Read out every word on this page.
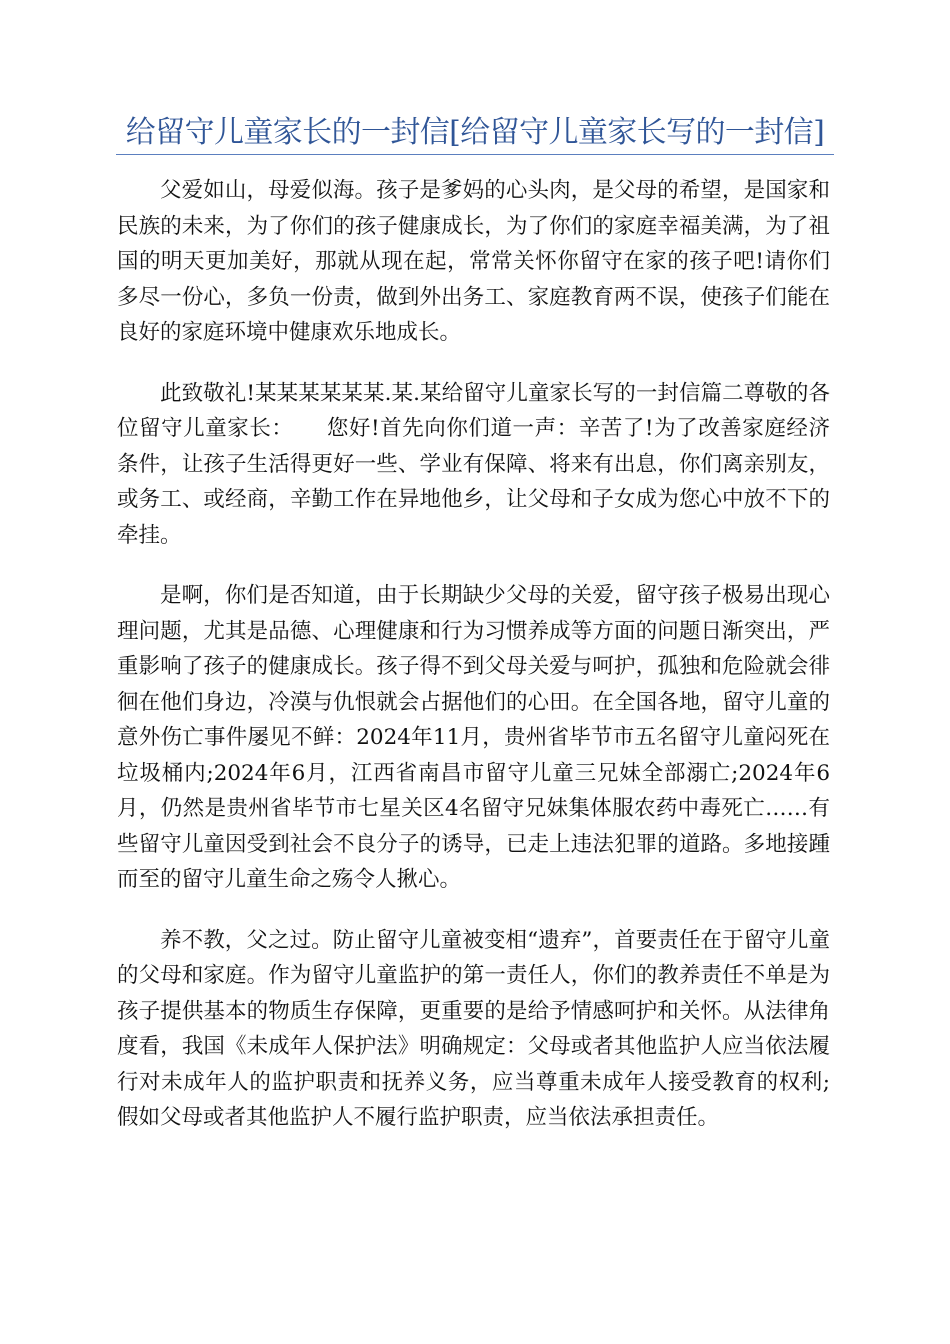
给留守儿童家长的一封信[给留守儿童家长写的一封信]

父爱如山，母爱似海。孩子是爹妈的心头肉，是父母的希望，是国家和民族的未来，为了你们的孩子健康成长，为了你们的家庭幸福美满，为了祖国的明天更加美好，那就从现在起，常常关怀你留守在家的孩子吧!请你们多尽一份心，多负一份责，做到外出务工、家庭教育两不误，使孩子们能在良好的家庭环境中健康欢乐地成长。

此致敬礼!某某某某某某.某.某给留守儿童家长写的一封信篇二尊敬的各位留守儿童家长：　　您好!首先向你们道一声：辛苦了!为了改善家庭经济条件，让孩子生活得更好一些、学业有保障、将来有出息，你们离亲别友，或务工、或经商，辛勤工作在异地他乡，让父母和子女成为您心中放不下的牵挂。

是啊，你们是否知道，由于长期缺少父母的关爱，留守孩子极易出现心理问题，尤其是品德、心理健康和行为习惯养成等方面的问题日渐突出，严重影响了孩子的健康成长。孩子得不到父母关爱与呵护，孤独和危险就会徘徊在他们身边，冷漠与仇恨就会占据他们的心田。在全国各地，留守儿童的意外伤亡事件屡见不鲜：2024年11月，贵州省毕节市五名留守儿童闷死在垃圾桶内;2024年6月，江西省南昌市留守儿童三兄妹全部溺亡;2024年6月，仍然是贵州省毕节市七星关区4名留守兄妹集体服农药中毒死亡……有些留守儿童因受到社会不良分子的诱导，已走上违法犯罪的道路。多地接踵而至的留守儿童生命之殇令人揪心。

养不教，父之过。防止留守儿童被变相“遗弃”，首要责任在于留守儿童的父母和家庭。作为留守儿童监护的第一责任人，你们的教养责任不单是为孩子提供基本的物质生存保障，更重要的是给予情感呵护和关怀。从法律角度看，我国《未成年人保护法》明确规定：父母或者其他监护人应当依法履行对未成年人的监护职责和抚养义务，应当尊重未成年人接受教育的权利;假如父母或者其他监护人不履行监护职责，应当依法承担责任。
